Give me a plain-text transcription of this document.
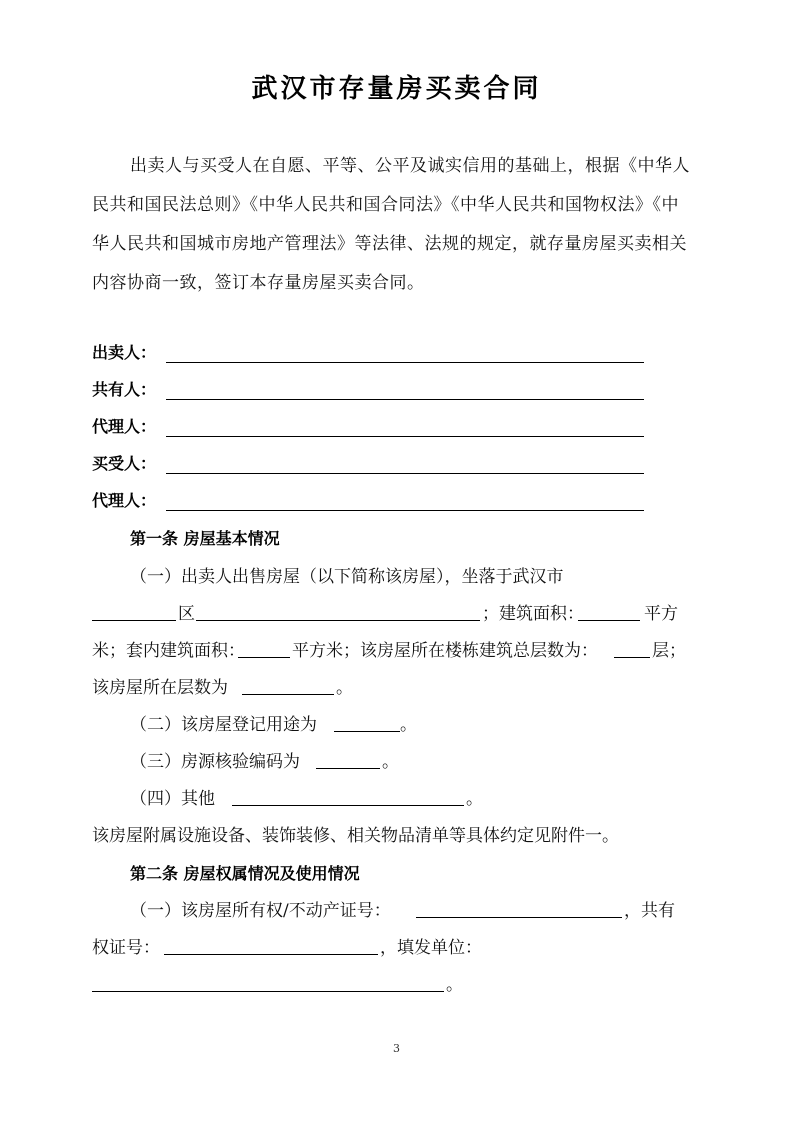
武汉市存量房买卖合同

出卖人与买受人在自愿、平等、公平及诚实信用的基础上，根据《中华人民共和国民法总则》《中华人民共和国合同法》《中华人民共和国物权法》《中华人民共和国城市房地产管理法》等法律、法规的规定，就存量房屋买卖相关内容协商一致，签订本存量房屋买卖合同。

出卖人：
共有人：
代理人：
买受人：
代理人：
第一条 房屋基本情况
（一）出卖人出售房屋（以下简称该房屋），坐落于武汉市
区	；建筑面积：	平方
米；套内建筑面积：	平方米；该房屋所在楼栋建筑总层数为：	层；
该房屋所在层数为	。
（二）该房屋登记用途为	。
（三）房源核验编码为	。
（四）其他	。
该房屋附属设施设备、装饰装修、相关物品清单等具体约定见附件一。
第二条 房屋权属情况及使用情况
（一）该房屋所有权/不动产证号：	，共有
权证号：	，填发单位：
。
3
